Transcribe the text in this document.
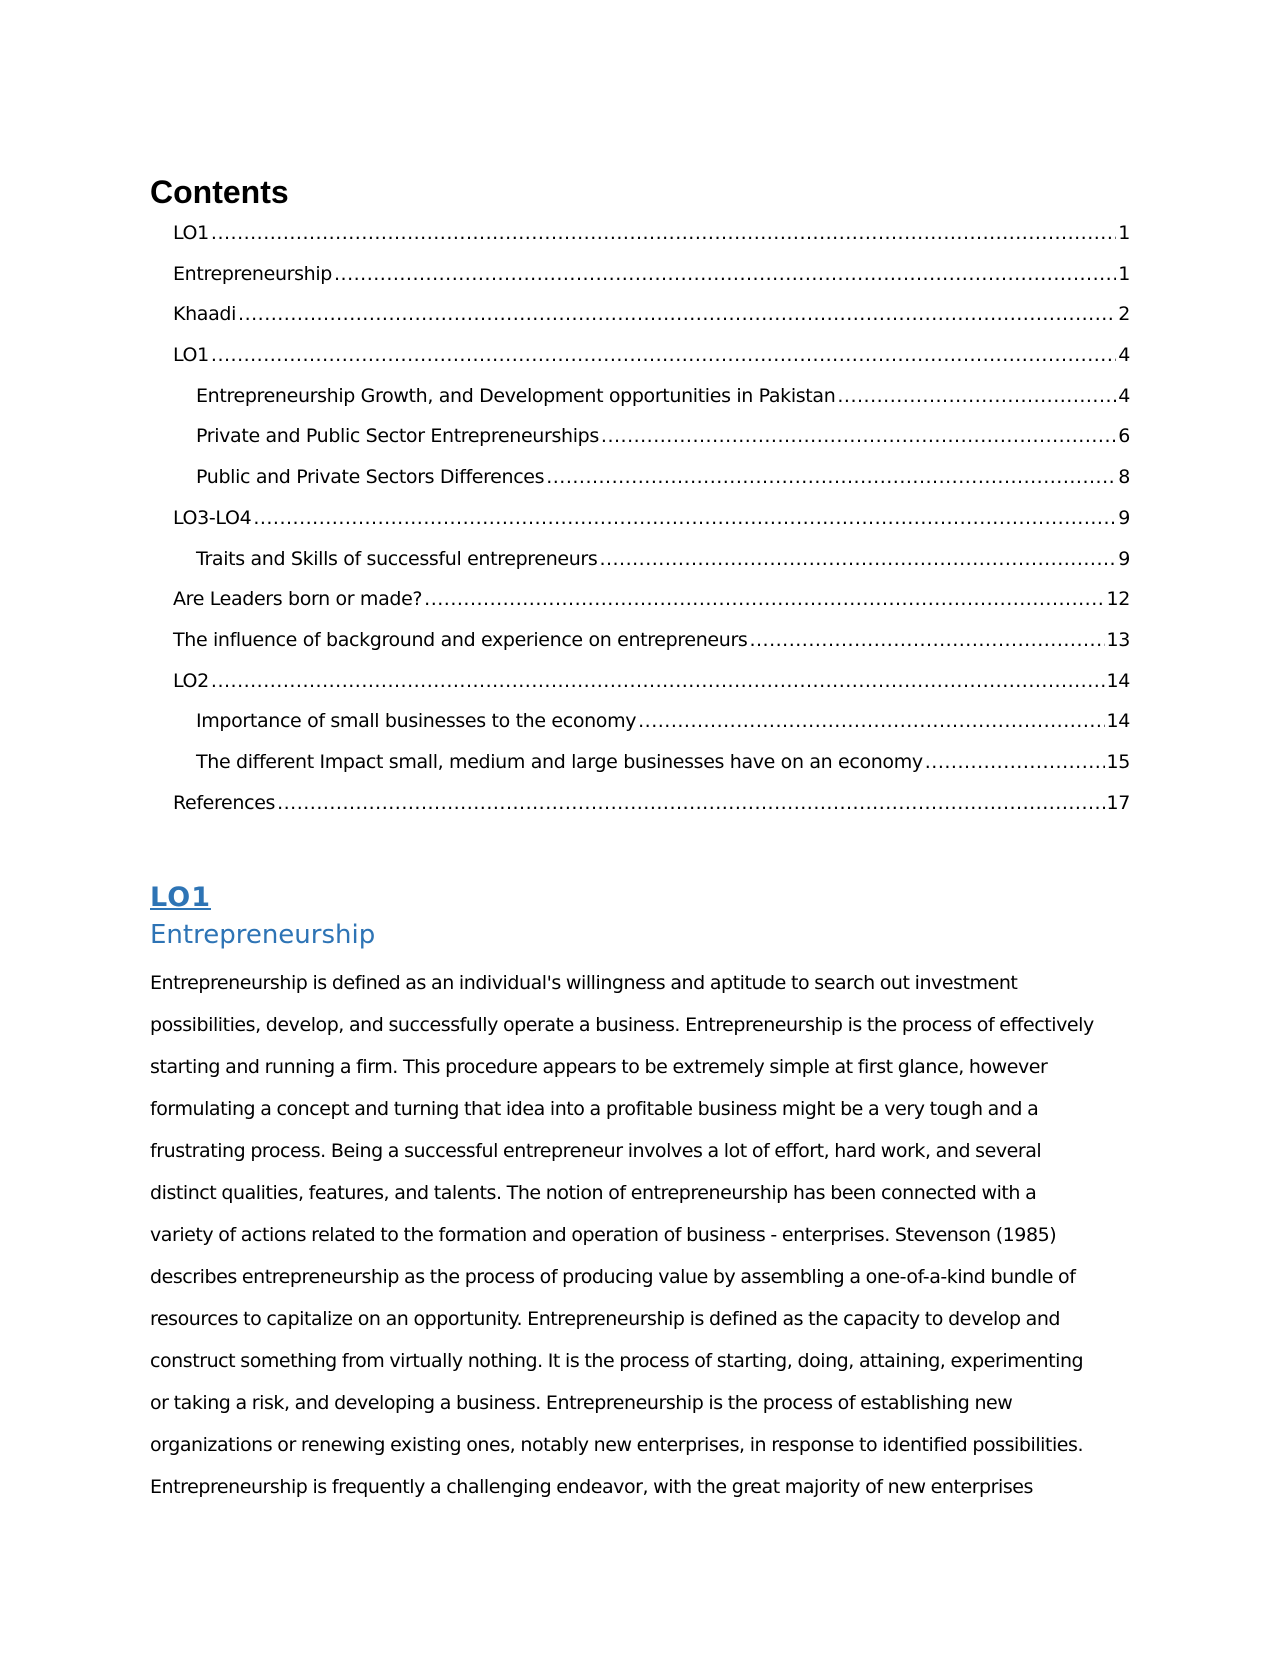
Contents
LO1 .....	1
Entrepreneurship .....	1
Khaadi .....	2
LO1 .....	4
Entrepreneurship Growth, and Development opportunities in Pakistan .....	4
Private and Public Sector Entrepreneurships .....	6
Public and Private Sectors Differences .....	8
LO3-LO4 .....	9
Traits and Skills of successful entrepreneurs .....	9
Are Leaders born or made? .....	12
The influence of background and experience on entrepreneurs .....	13
LO2 .....	14
Importance of small businesses to the economy .....	14
The different Impact small, medium and large businesses have on an economy .....	15
References .....	17
LO1
Entrepreneurship
Entrepreneurship is defined as an individual's willingness and aptitude to search out investment
possibilities, develop, and successfully operate a business. Entrepreneurship is the process of effectively
starting and running a firm. This procedure appears to be extremely simple at first glance, however
formulating a concept and turning that idea into a profitable business might be a very tough and a
frustrating process. Being a successful entrepreneur involves a lot of effort, hard work, and several
distinct qualities, features, and talents. The notion of entrepreneurship has been connected with a
variety of actions related to the formation and operation of business - enterprises. Stevenson (1985)
describes entrepreneurship as the process of producing value by assembling a one-of-a-kind bundle of
resources to capitalize on an opportunity. Entrepreneurship is defined as the capacity to develop and
construct something from virtually nothing. It is the process of starting, doing, attaining, experimenting
or taking a risk, and developing a business. Entrepreneurship is the process of establishing new
organizations or renewing existing ones, notably new enterprises, in response to identified possibilities.
Entrepreneurship is frequently a challenging endeavor, with the great majority of new enterprises
